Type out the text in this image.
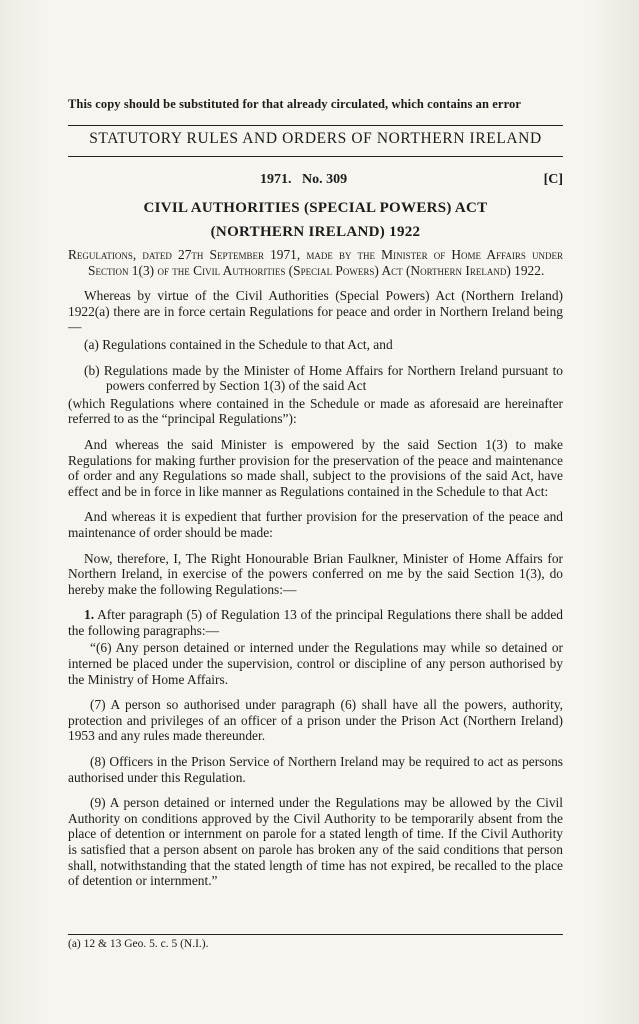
This copy should be substituted for that already circulated, which contains an error
STATUTORY RULES AND ORDERS OF NORTHERN IRELAND
1971. No. 309	[C]
CIVIL AUTHORITIES (SPECIAL POWERS) ACT
(NORTHERN IRELAND) 1922

Regulations, dated 27th September 1971, made by the Minister of Home Affairs under Section 1(3) of the Civil Authorities (Special Powers) Act (Northern Ireland) 1922.

Whereas by virtue of the Civil Authorities (Special Powers) Act (Northern Ireland) 1922(a) there are in force certain Regulations for peace and order in Northern Ireland being—

(a) Regulations contained in the Schedule to that Act, and

(b) Regulations made by the Minister of Home Affairs for Northern Ireland pursuant to powers conferred by Section 1(3) of the said Act

(which Regulations where contained in the Schedule or made as aforesaid are hereinafter referred to as the “principal Regulations”):

And whereas the said Minister is empowered by the said Section 1(3) to make Regulations for making further provision for the preservation of the peace and maintenance of order and any Regulations so made shall, subject to the provisions of the said Act, have effect and be in force in like manner as Regulations contained in the Schedule to that Act:

And whereas it is expedient that further provision for the preservation of the peace and maintenance of order should be made:

Now, therefore, I, The Right Honourable Brian Faulkner, Minister of Home Affairs for Northern Ireland, in exercise of the powers conferred on me by the said Section 1(3), do hereby make the following Regulations:—

1. After paragraph (5) of Regulation 13 of the principal Regulations there shall be added the following paragraphs:—

“(6) Any person detained or interned under the Regulations may while so detained or interned be placed under the supervision, control or discipline of any person authorised by the Ministry of Home Affairs.

(7) A person so authorised under paragraph (6) shall have all the powers, authority, protection and privileges of an officer of a prison under the Prison Act (Northern Ireland) 1953 and any rules made thereunder.

(8) Officers in the Prison Service of Northern Ireland may be required to act as persons authorised under this Regulation.

(9) A person detained or interned under the Regulations may be allowed by the Civil Authority on conditions approved by the Civil Authority to be temporarily absent from the place of detention or internment on parole for a stated length of time. If the Civil Authority is satisfied that a person absent on parole has broken any of the said conditions that person shall, notwithstanding that the stated length of time has not expired, be recalled to the place of detention or internment.”

(a) 12 & 13 Geo. 5. c. 5 (N.I.).
